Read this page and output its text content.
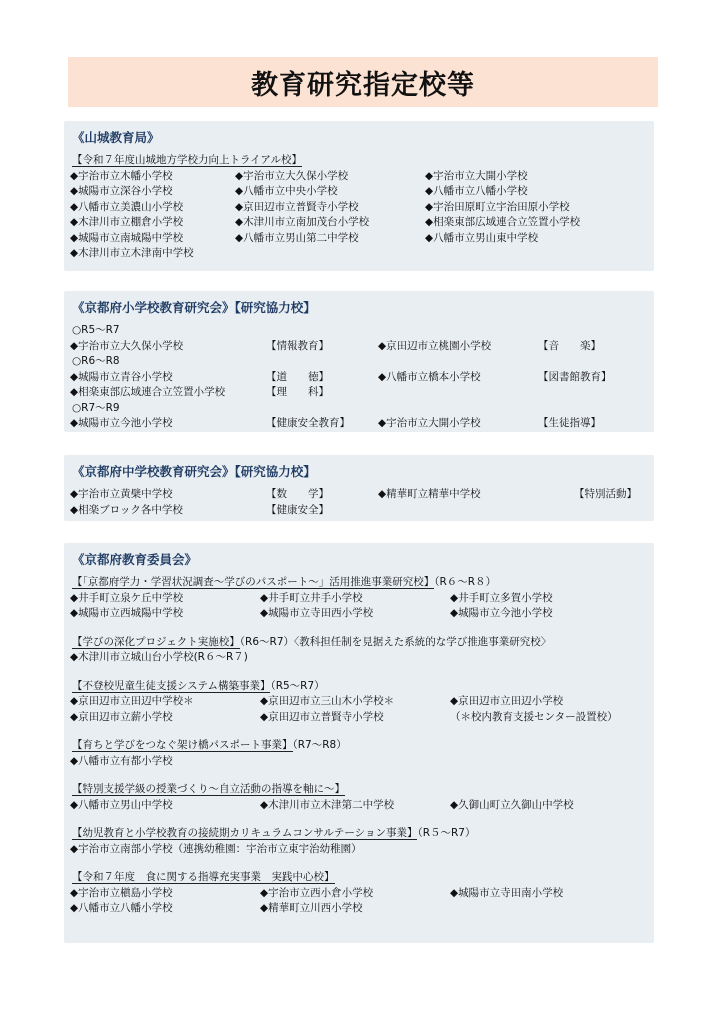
教育研究指定校等
《山城教育局》
【令和７年度山城地方学校力向上トライアル校】
◆宇治市立木幡小学校	◆宇治市立大久保小学校	◆宇治市立大開小学校
◆城陽市立深谷小学校	◆八幡市立中央小学校	◆八幡市立八幡小学校
◆八幡市立美濃山小学校	◆京田辺市立普賢寺小学校	◆宇治田原町立宇治田原小学校
◆木津川市立棚倉小学校	◆木津川市立南加茂台小学校	◆相楽東部広域連合立笠置小学校
◆城陽市立南城陽中学校	◆八幡市立男山第二中学校	◆八幡市立男山東中学校
◆木津川市立木津南中学校
《京都府小学校教育研究会》【研究協力校】
○R5～R7
◆宇治市立大久保小学校	【情報教育】	◆京田辺市立桃園小学校	【音　　楽】
○R6～R8
◆城陽市立青谷小学校	【道　　徳】	◆八幡市立橋本小学校	【図書館教育】
◆相楽東部広域連合立笠置小学校	【理　　科】
○R7～R9
◆城陽市立今池小学校	【健康安全教育】	◆宇治市立大開小学校	【生徒指導】
《京都府中学校教育研究会》【研究協力校】
◆宇治市立黄檗中学校	【数　　学】	◆精華町立精華中学校	【特別活動】
◆相楽ブロック各中学校	【健康安全】
《京都府教育委員会》
【「京都府学力・学習状況調査～学びのパスポート～」活用推進事業研究校】（R６～R８）
◆井手町立泉ケ丘中学校	◆井手町立井手小学校	◆井手町立多賀小学校
◆城陽市立西城陽中学校	◆城陽市立寺田西小学校	◆城陽市立今池小学校
【学びの深化プロジェクト実施校】（R6～R7）〈教科担任制を見据えた系統的な学び推進事業研究校〉
◆木津川市立城山台小学校(R６～R７)
【不登校児童生徒支援システム構築事業】（R5～R7）
◆京田辺市立田辺中学校＊	◆京田辺市立三山木小学校＊	◆京田辺市立田辺小学校
◆京田辺市立薪小学校	◆京田辺市立普賢寺小学校	（＊校内教育支援センター設置校）
【育ちと学びをつなぐ架け橋パスポート事業】（R7～R8）
◆八幡市立有都小学校
【特別支援学級の授業づくり～自立活動の指導を軸に～】
◆八幡市立男山中学校	◆木津川市立木津第二中学校	◆久御山町立久御山中学校
【幼児教育と小学校教育の接続期カリキュラムコンサルテーション事業】（R５～R7）
◆宇治市立南部小学校（連携幼稚園：宇治市立東宇治幼稚園）
【令和７年度　食に関する指導充実事業　実践中心校】
◆宇治市立槇島小学校	◆宇治市立西小倉小学校	◆城陽市立寺田南小学校
◆八幡市立八幡小学校	◆精華町立川西小学校
